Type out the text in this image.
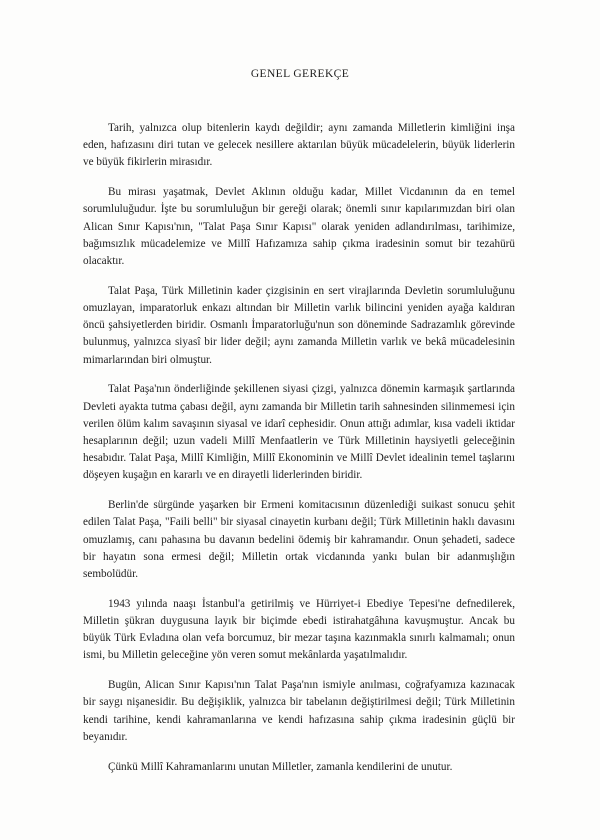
GENEL GEREKÇE

Tarih, yalnızca olup bitenlerin kaydı değildir; aynı zamanda Milletlerin kimliğini inşa eden, hafızasını diri tutan ve gelecek nesillere aktarılan büyük mücadelelerin, büyük liderlerin ve büyük fikirlerin mirasıdır.

Bu mirası yaşatmak, Devlet Aklının olduğu kadar, Millet Vicdanının da en temel sorumluluğudur. İşte bu sorumluluğun bir gereği olarak; önemli sınır kapılarımızdan biri olan Alican Sınır Kapısı'nın, "Talat Paşa Sınır Kapısı" olarak yeniden adlandırılması, tarihimize, bağımsızlık mücadelemize ve Millî Hafızamıza sahip çıkma iradesinin somut bir tezahürü olacaktır.

Talat Paşa, Türk Milletinin kader çizgisinin en sert virajlarında Devletin sorumluluğunu omuzlayan, imparatorluk enkazı altından bir Milletin varlık bilincini yeniden ayağa kaldıran öncü şahsiyetlerden biridir. Osmanlı İmparatorluğu'nun son döneminde Sadrazamlık görevinde bulunmuş, yalnızca siyasî bir lider değil; aynı zamanda Milletin varlık ve bekâ mücadelesinin mimarlarından biri olmuştur.

Talat Paşa'nın önderliğinde şekillenen siyasi çizgi, yalnızca dönemin karmaşık şartlarında Devleti ayakta tutma çabası değil, aynı zamanda bir Milletin tarih sahnesinden silinmemesi için verilen ölüm kalım savaşının siyasal ve idarî cephesidir. Onun attığı adımlar, kısa vadeli iktidar hesaplarının değil; uzun vadeli Millî Menfaatlerin ve Türk Milletinin haysiyetli geleceğinin hesabıdır. Talat Paşa, Millî Kimliğin, Millî Ekonominin ve Millî Devlet idealinin temel taşlarını döşeyen kuşağın en kararlı ve en dirayetli liderlerinden biridir.

Berlin'de sürgünde yaşarken bir Ermeni komitacısının düzenlediği suikast sonucu şehit edilen Talat Paşa, "Faili belli" bir siyasal cinayetin kurbanı değil; Türk Milletinin haklı davasını omuzlamış, canı pahasına bu davanın bedelini ödemiş bir kahramandır. Onun şehadeti, sadece bir hayatın sona ermesi değil; Milletin ortak vicdanında yankı bulan bir adanmışlığın sembolüdür.

1943 yılında naaşı İstanbul'a getirilmiş ve Hürriyet-i Ebediye Tepesi'ne defnedilerek, Milletin şükran duygusuna layık bir biçimde ebedi istirahatgâhına kavuşmuştur. Ancak bu büyük Türk Evladına olan vefa borcumuz, bir mezar taşına kazınmakla sınırlı kalmamalı; onun ismi, bu Milletin geleceğine yön veren somut mekânlarda yaşatılmalıdır.

Bugün, Alican Sınır Kapısı'nın Talat Paşa'nın ismiyle anılması, coğrafyamıza kazınacak bir saygı nişanesidir. Bu değişiklik, yalnızca bir tabelanın değiştirilmesi değil; Türk Milletinin kendi tarihine, kendi kahramanlarına ve kendi hafızasına sahip çıkma iradesinin güçlü bir beyanıdır.

Çünkü Millî Kahramanlarını unutan Milletler, zamanla kendilerini de unutur.
